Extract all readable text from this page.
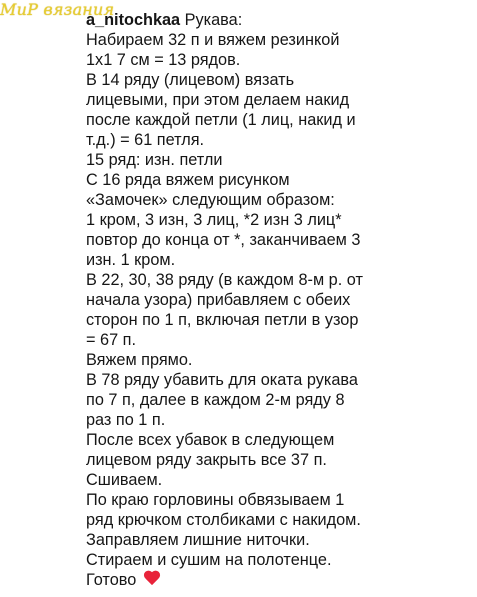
МиР вязания

a_nitochkaa Рукава:

Набираем 32 п и вяжем резинкой

1х1 7 см = 13 рядов.

В 14 ряду (лицевом) вязать

лицевыми, при этом делаем накид

после каждой петли (1 лиц, накид и

т.д.) = 61 петля.

15 ряд: изн. петли

С 16 ряда вяжем рисунком

«Замочек» следующим образом:

1 кром, 3 изн, 3 лиц, *2 изн 3 лиц*

повтор до конца от *, заканчиваем 3

изн. 1 кром.

В 22, 30, 38 ряду (в каждом 8-м р. от

начала узора) прибавляем с обеих

сторон по 1 п, включая петли в узор

= 67 п.

Вяжем прямо.

В 78 ряду убавить для оката рукава

по 7 п, далее в каждом 2-м ряду 8

раз по 1 п.

После всех убавок в следующем

лицевом ряду закрыть все 37 п.

Сшиваем.

По краю горловины обвязываем 1

ряд крючком столбиками с накидом.

Заправляем лишние ниточки.

Стираем и сушим на полотенце.

Готово
